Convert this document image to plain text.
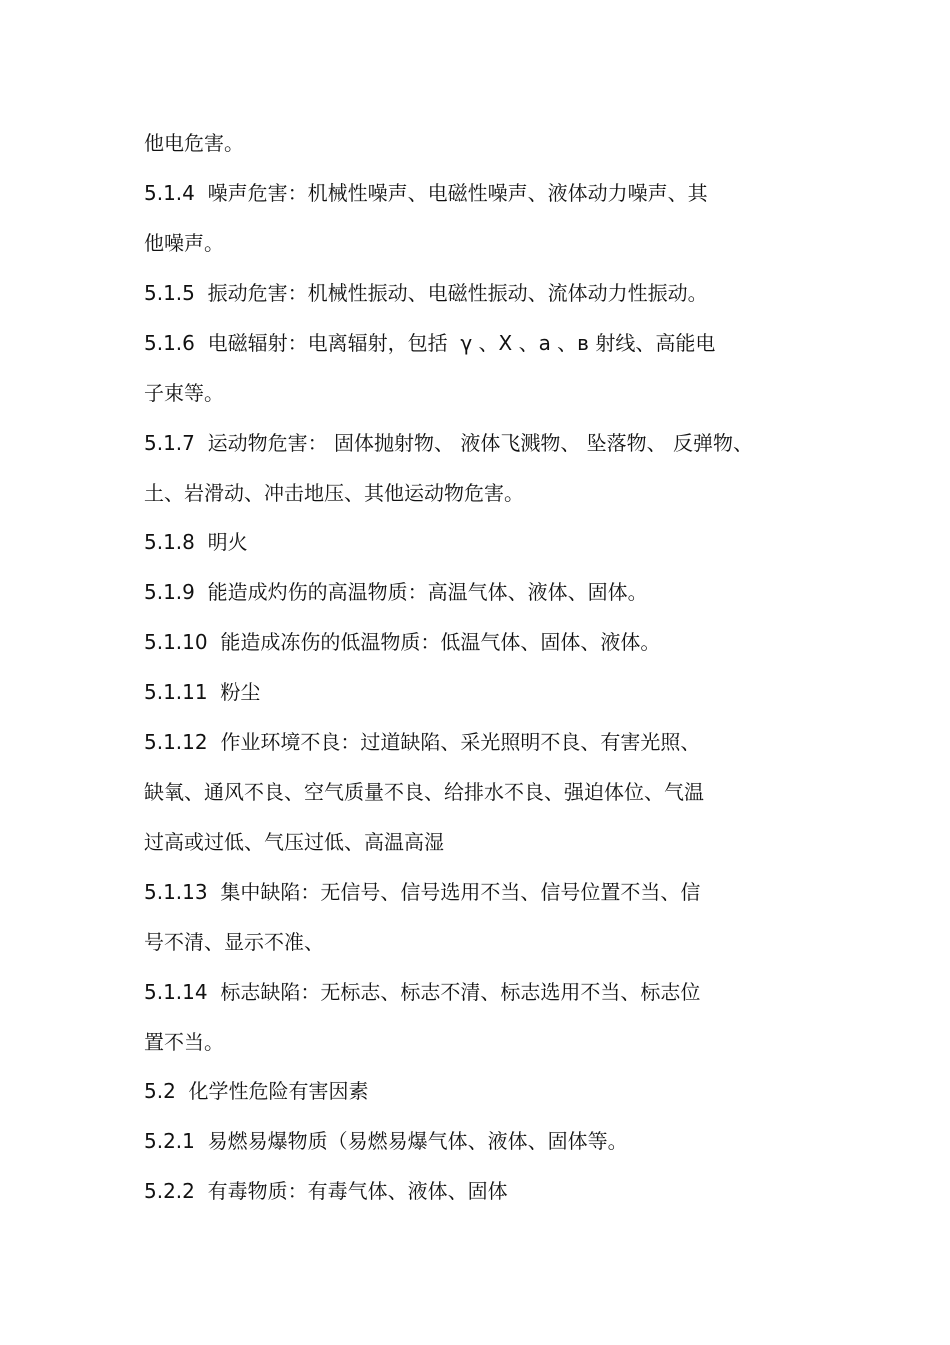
他电危害。
5.1.4  噪声危害：机械性噪声、电磁性噪声、液体动力噪声、其
他噪声。
5.1.5  振动危害：机械性振动、电磁性振动、流体动力性振动。
5.1.6  电磁辐射：电离辐射，包括  γ 、X 、a 、в 射线、高能电
子束等。
5.1.7  运动物危害： 固体抛射物、 液体飞溅物、 坠落物、 反弹物、
土、岩滑动、冲击地压、其他运动物危害。
5.1.8  明火
5.1.9  能造成灼伤的高温物质：高温气体、液体、固体。
5.1.10  能造成冻伤的低温物质：低温气体、固体、液体。
5.1.11  粉尘
5.1.12  作业环境不良：过道缺陷、采光照明不良、有害光照、
缺氧、通风不良、空气质量不良、给排水不良、强迫体位、气温
过高或过低、气压过低、高温高湿
5.1.13  集中缺陷：无信号、信号选用不当、信号位置不当、信
号不清、显示不准、
5.1.14  标志缺陷：无标志、标志不清、标志选用不当、标志位
置不当。
5.2  化学性危险有害因素
5.2.1  易燃易爆物质（易燃易爆气体、液体、固体等。
5.2.2  有毒物质：有毒气体、液体、固体
